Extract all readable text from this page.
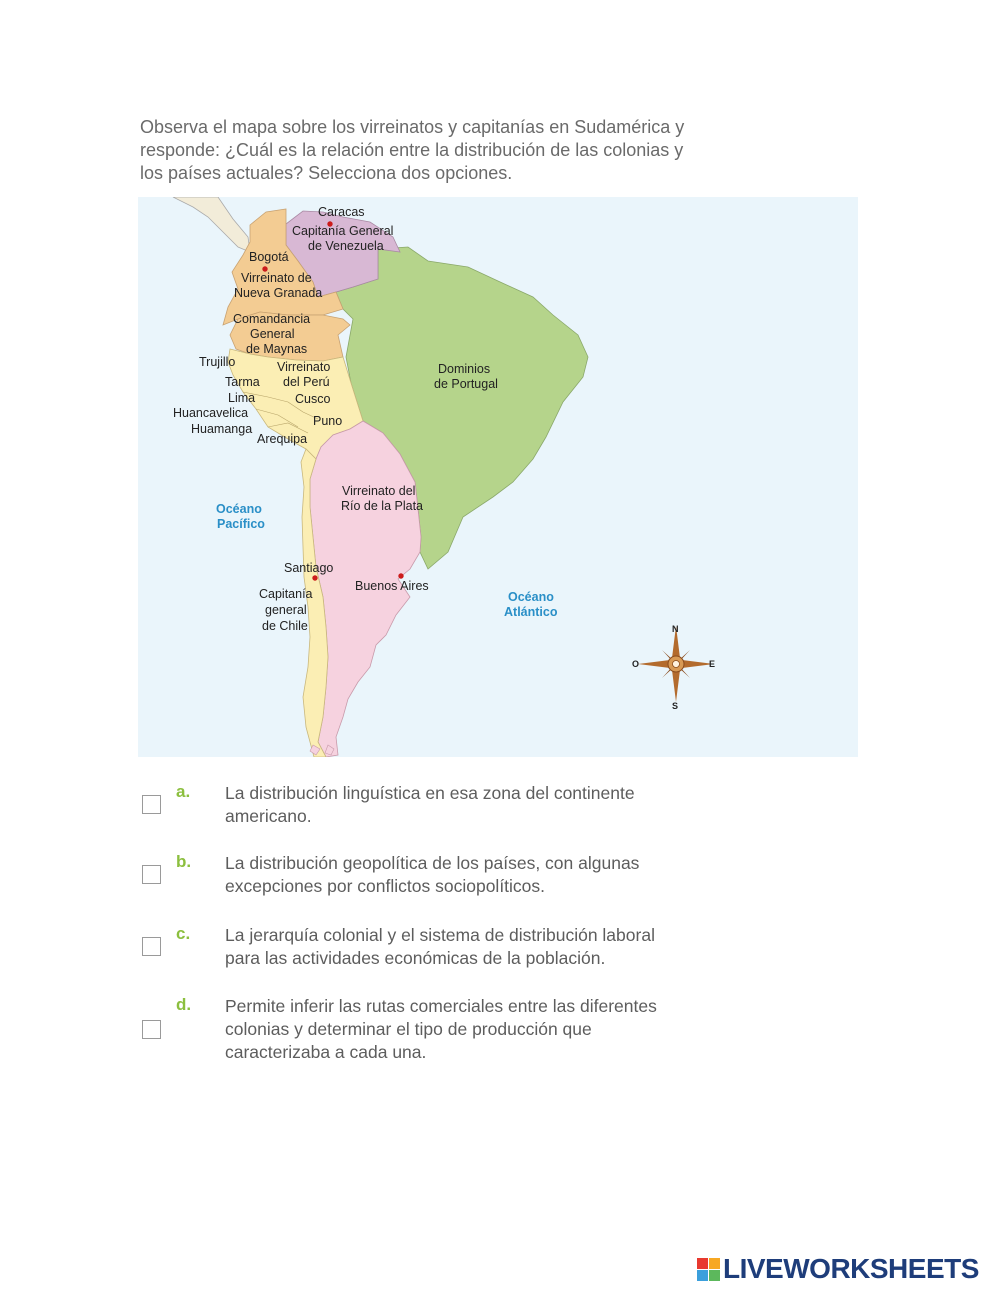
Observa el mapa sobre los virreinatos y capitanías en Sudamérica y
responde: ¿Cuál es la relación entre la distribución de las colonias y
los países actuales? Selecciona dos opciones.
Caracas
Capitanía General
de Venezuela
Bogotá
Virreinato de
Nueva Granada
Comandancia
General
de Maynas
Trujillo	Virreinato
del Perú
Tarma
Lima	Cusco
Huancavelica
Puno
Huamanga
Arequipa
Dominios
de Portugal
Virreinato del
Río de la Plata
Océano
Pacífico
Santiago
Buenos Aires
Océano
Atlántico
Capitanía
general
de Chile	N
S
E
O
a. La distribución linguística en esa zona del continente
americano.
b. La distribución geopolítica de los países, con algunas
excepciones por conflictos sociopolíticos.
c. La jerarquía colonial y el sistema de distribución laboral
para las actividades económicas de la población.
d. Permite inferir las rutas comerciales entre las diferentes
colonias y determinar el tipo de producción que
caracterizaba a cada una.
LIVEWORKSHEETS
